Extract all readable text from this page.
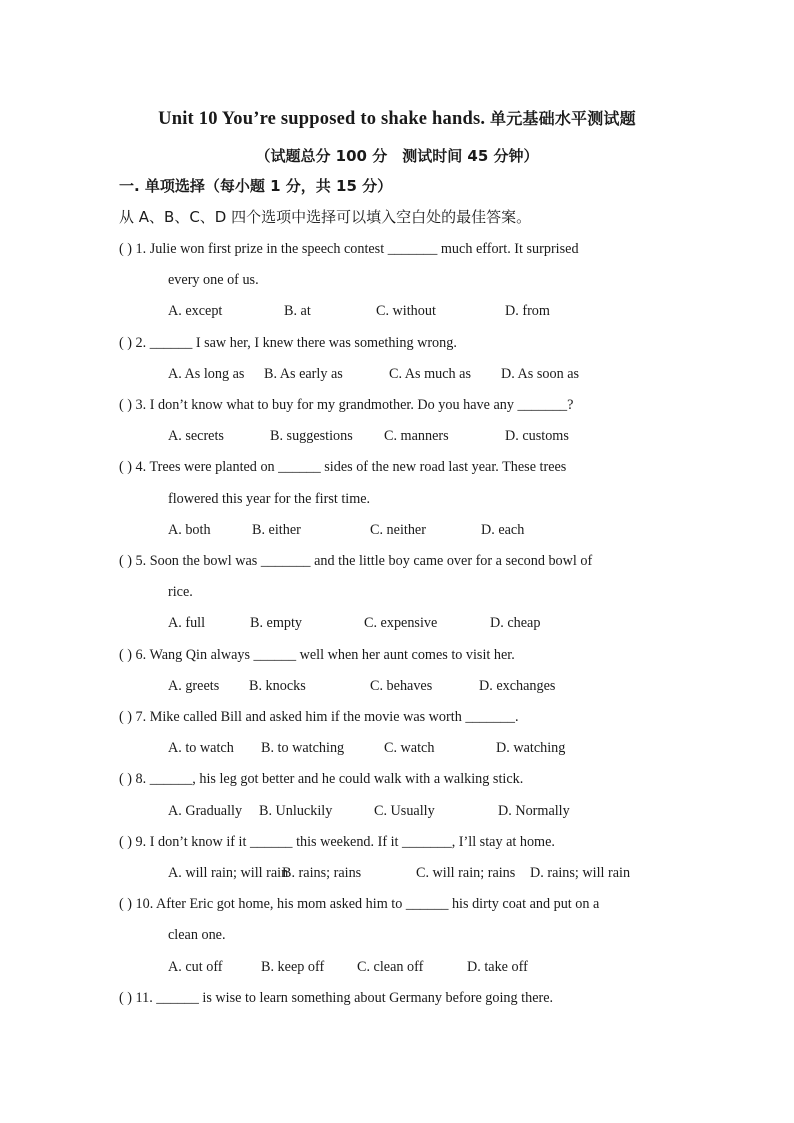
Unit 10 You’re supposed to shake hands. 单元基础水平测试题
（试题总分 100 分　测试时间 45 分钟）
一. 单项选择（每小题 1 分，共 15 分）
从 A、B、C、D 四个选项中选择可以填入空白处的最佳答案。
( ) 1. Julie won first prize in the speech contest _______ much effort. It surprised
every one of us.
A. except	B. at	C. without	D. from
( ) 2. ______ I saw her, I knew there was something wrong.
A. As long as B. As early as	C. As much as D. As soon as
( ) 3. I don’t know what to buy for my grandmother. Do you have any _______?
A. secrets	B. suggestions C. manners	D. customs
( ) 4. Trees were planted on ______ sides of the new road last year. These trees
flowered this year for the first time.
A. both	B. either	C. neither	D. each
( ) 5. Soon the bowl was _______ and the little boy came over for a second bowl of
rice.
A. full	B. empty	C. expensive	D. cheap
( ) 6. Wang Qin always ______ well when her aunt comes to visit her.
A. greets B. knocks	C. behaves	D. exchanges
( ) 7. Mike called Bill and asked him if the movie was worth _______.
A. to watch B. to watching	C. watch	D. watching
( ) 8. ______, his leg got better and he could walk with a walking stick.
A. Gradually B. Unluckily	C. Usually	D. Normally
( ) 9. I don’t know if it ______ this weekend. If it _______, I’ll stay at home.
A. will rain; will rain
B. rains; rains	C. will rain; rains D. rains; will rain
( ) 10. After Eric got home, his mom asked him to ______ his dirty coat and put on a
clean one.
A. cut off	B. keep off C. clean off	D. take off
( ) 11. ______ is wise to learn something about Germany before going there.
